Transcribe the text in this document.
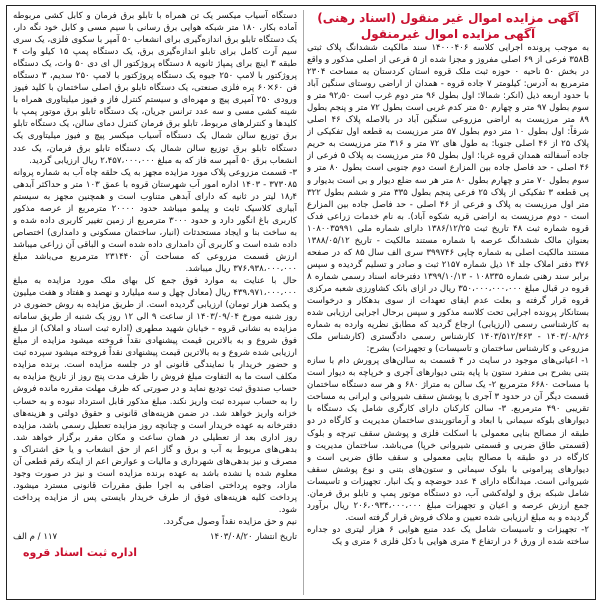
آگهی مزایده اموال غیر منقول (اسناد رهنی)
آگهی مزایده اموال غیرمنقول

به موجب پرونده اجرایی کلاسه ۱۴۰۰۰۴۰۶ سند مالکیت ششدانگ پلاک ثبتی ۳۵۸B فرعی از ۶۹ اصلی مفروز و مجزا شده از ۵ فرعی از اصلی مذکور و واقع در بخش ۵۰ ناحیه ۰ حوزه ثبت ملک قروه استان کردستان به مساحت ۲۳۰۴ مترمربع به آدرس: کیلومتر ۷ جاده قروه - همدان از اراضی روستای سنگین آباد با حدود اربعه ذیل (انکر: شمالا: اول بطول ۹۶ متر دوم غرب است ۹۲٫۵۰ متر و سوم بطول ۹۷ متر و چهارم ۵۰ متر کدم غربی است بطول ۷۲ متر و پنجم بطول ۸۹ متر مرزیست به اراضی مزروعی سنگین آباد در بالاصله پلاک ۴۶ اصلی شرقاً: اول بطول ۱۰ متر دوم بطول ۵۷ متر مرزیست به قطعه اول تفکیکی از پلاک ۲۵ از ۴۶ اصلی جنوبا: به طول های ۷۲ متر و ۳۱۶ متر مرزیست به حریم جاده آسفالته همدان قروه غربا: اول بطول ۶۵ متر مرزیست به پلاک ۵ فرعی از ۴۶ اصلی - حد فاصل جاده بین المزارع است دوم جنوبی است بطول ۸۰ متر و سوم بطول ۷۰ متر و چهارم بطول ۸۰ متر هر سه ضلع دیوار و بی است بدیوار و پی قطعه ۳ تفکیکی از پلاک ۲۵ فرعی پنجم بطول ۳۳۵ متر و ششم بطول ۳۲۲ متر اول مرزیست به پلاک و فرعی از ۴۶ اصلی - حد فاصل جاده بین المزارع است - دوم مرزیست به اراضی قریه شکوه آباد). به نام خدمات زراعی فدک قروه شماره ثبت ۴۸ تاریخ ثبت ۱۳۸۶/۱۲/۲۵ دارای شماره ملی ۱۰۸۰۰۳۵۹۹۱ بعنوان مالک ششدانگ عرصه با شماره مستند مالکیت - تاریخ ۱۳۸۸/۰۵/۱۲ مستند مالکیت اصلی به شماره چاپی ۳۹۹۷۴۶ سری الف سال ۸۵ که در صفحه ۳۷۶ دفتر املاک جلد ۱۴ ذیل شماره ۲۱۵۷ ثبت و صادر و تسلیم گردیده و سپس برابر سند رهنی شماره ۱۰۸۳۳۵ - ۱۳۹۹/۱۰/۱۳ دفترخانه اسناد رسمی شماره ۸ قروه در قبال مبلغ ۳۵۰،۰۰۰،۰۰۰،۰۰۰ ریال در ازای بانک کشاورزی شعبه مرکزی قروه قرار گرفته و بعلت عدم ایفای تعهدات از سوی بدهکار و درخواست بستانکار پرونده اجرایی تحت کلاسه مذکور و سپس برحال اجرایی ارزیابی شده به کارشناسی رسمی (ارزیابی) ارجاع گردید که مطابق نظریه وارده به شماره ۱۴۰۳/۰۸/۲۶ - ۱۴۰۳/۵۱۲/۴۶۳ کارشناس رسمی دادگستری (کارشناس ملک مزروعی و کارشناس ساختمان و تاسیسات) و تجهیزات) بشرح:

۱- اعیانی‌های موجود در سایت در ۴ قسمت به سالن‌های پرورش دام با سازه بتنی بشرح بی منفرد ستون با پایه بتنی دیوارهای آجری و خرپاچه به دیوار است با مساحت ۶۶۸۰ مترمربع ۲- یک سالن به متراژ ۶۸۰ و هر سه دستگاه ساختمان قسمت دیگر آن در حدود ۳ آجری با پوشش سقف شیروانی و ایرانی به مساحت تقریبی ۴۹۰ مترمربع. ۳- سالن کارکنان دارای کارگری شامل یک دستگاه با دیوارهای بلوکه سیمانی با ابعاد و آرماتوربندی ساختمان مدیریت و کارگاه در دو طبقه از مصالح بنایی معمولی با اسکلت فلزی و پوشش سقف تیرچه و بلوک (قسمتی طاق ضربی و قسمتی شیروانی خرپا) می‌باشد. ساختمان مدیریت و کارگاه در دو طبقه با مصالح بنایی معمولی و سقف طاق ضربی است و دیوارهای پیرامونی با بلوک سیمانی و ستون‌های بتنی و نوع پوشش سقف شیروانی است. میدانگاه دارای ۴ عدد حوضچه و یک انبار. تجهیزات و تاسیسات شامل شبکه برق و لوله‌کشی آب، دو دستگاه موتور پمپ و تابلو برق فرمان. جمع ارزش عرصه و اعیان و تجهیزات مبلغ ۲۰۶،۰۹۳۴،۰۰۰،۰۰۰ ریال برآورد گردیده و به مبلغ ارزیابی شده تعیین و ملاک فروش قرار گرفته است.

۲- تجهیزات و تاسیسات شامل یک عدد منبع هوایی ۶ هزار لیتری دو جداره ساخته شده از ورق ۶ در ارتفاع ۴ متری هوایی با دکل فلزی ۶ متری و یک

دستگاه آسیاب میکسر یک تن همراه با تابلو برق فرمان و کابل کشی مربوطه آماده بکار، ۱۸۰ متر شبکه هوایی برق رسانی با سیم مسی و کابل خود نگه دار، یک دستگاه تابلو برق اندازه‌گیری برای انشعاب ۵۰ آمپر با سکوی فلزی، یک سری سیم آرت کامل برای تابلو اندازه‌گیری برق، یک دستگاه پمپ ۱۵ کیلو وات ۴ طبقه ۳ اینچ برای پمپاژ ثانویه ۸ دستگاه پروژکتور ال ای دی ۵۰ وات، یک دستگاه پروژکتور با لامپ ۲۵۰ جیوه یک دستگاه پروژکتور با لامپ ۲۵۰ سدیم، ۳ دستگاه فن ۶۰×۶۰ پره فلزی صنعتی، یک دستگاه تابلو برق اصلی ساختمان با کلید فیوز ورودی ۲۵۰ آمپری پیچ و مهره‌ای و سیستم کنترل فاز و فیوز میلیتاوری همراه با شینه کشی مسی و سه عدد ترانس جریان، یک دستگاه تابلو برق موتور پمپ با کلیدها و کنترلرهای مربوط، تابلو برق فرمان کنترل دمای سالن، یک دستگاه تابلو برق توزیع سالن شمال یک دستگاه آسیاب میکسر پیچ و فیوز میلیتاوری یک دستگاه تابلو برق توزیع سالن شمال یک دستگاه تابلو برق فرمان، یک عدد انشعاب برق ۵۰ آمپر سه فاز که به مبلغ ۲،۴۵۷،۰۰۰،۰۰۰ ریال ارزیابی گردید.

۳- قسمت مزروعی پلاک مورد مزایده مجهز به یک حلقه چاه آب به شماره پروانه ۳۷۳۰۸۵ - ۱۴۰۳ اداره امور آب شهرستان قروه با عمق ۱۰۳ متر و حداکثر آبدهی ۱۸٫۴ لیتر در ثانیه که دارای آبدهی متناوب است و همچنین مجهز به سیستم آبیاری کلاسیک ثابت و پیلمو میباشد حدود ۲۰۰۰۰ مترمربع از عرصه مذکور کاربری باغ انگور دارد و حدود ۳۰۰۰ مترمربع از زمین تغییر کاربری داده شده و به ساخت بنا و ایجاد مستحدثات (انبار، ساختمان مسکونی و دامداری) اختصاص داده شده است و کاربری آن دامداری داده شده است و الباقی آن زراعی میباشد ارزش قسمت مزروعی که مساحت آن ۲۳۱۴۴۰ مترمربع می‌باشد مبلغ ۳۷۶،۹۳۸،۰۰۰،۰۰۰ ریال میباشد.

حال با عنایت به موارد فوق جمع کل بهای ملک مورد مزایده به مبلغ ۴۳۹،۹۷۱،۰۰۰،۰۰۰ ریال (معادل چهل و سه میلیارد و نهصد و هفتاد و هفت میلیون و یکصد هزار تومان) ارزیابی گردیده است. از طریق مزایده به روش حضوری در روز شنبه مورخ ۱۴۰۳/۰۹/۰۴ از ساعت ۹ الی ۱۲ روز یک شنبه از طریق سامانه مزایده به نشانی قروه - خیابان شهید مطهری (اداره ثبت اسناد و املاک) از مبلغ فوق شروع و به بالاترین قیمت پیشنهادی نقداً فروخته میشود مزایده از مبلغ ارزیابی شده شروع و به بالاترین قیمت پیشنهادی نقداً فروخته میشود سپرده ثبت و حضور خریدار با نمایندگی قانونی او در جلسه مزایده است. برنده مزایده مکلف است ما به التفاوت مبلغ فروش را ظرف مدت پنج روز از تاریخ مزایده به حساب صندوق ثبت تودیع نماید و در صورتی که ظرف مهلت مقرره مانده فروش را به حساب سپرده ثبت واریز نکند. مبلغ مذکور قابل استرداد نبوده و به حساب خزانه واریز خواهد شد. در ضمن هزینه‌های قانونی و حقوق دولتی و هزینه‌های دفترخانه به عهده خریدار است و چنانچه روز مزایده تعطیل رسمی باشد، مزایده روز اداری بعد از تعطیلی در همان ساعت و مکان مقرر برگزار خواهد شد. بدهی‌های مربوط به آب و برق و گاز اعم از حق انشعاب و یا حق اشتراک و مصرف و نیز بدهی‌های شهرداری و مالیات و عوارض اعم از اینکه رقم قطعی آن معلوم شده یا نشده باشد به عهده برنده مزایده است و نیز در صورت وجود مازاد، وجوه پرداختی اضافی به اجرا طبق مقررات قانونی مسترد میشود. پرداخت کلیه هزینه‌های فوق از طرف خریدار بایستی پس از مزایده پرداخت شود.

نیم و حق مزایده نقداً وصول می‌گردد.

تاریخ انتشار ۱۴۰۳/۰۸/۲۰
۱۱۷ / م الف
اداره ثبت اسناد قروه
